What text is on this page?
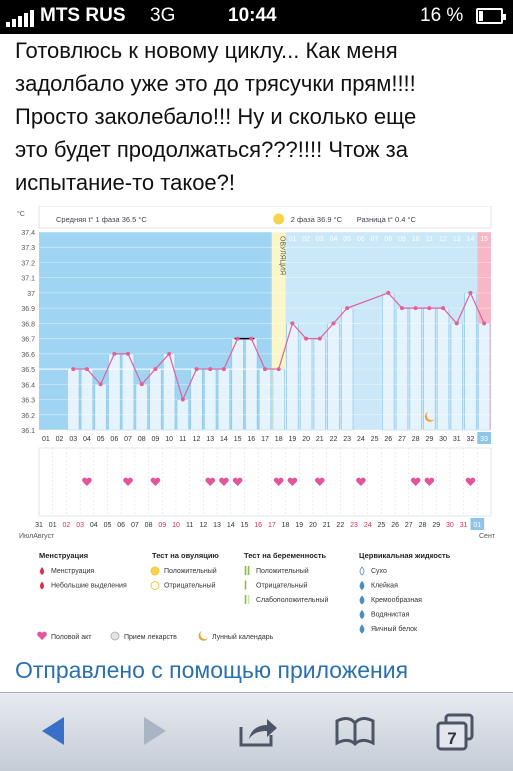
MTS RUS 3G	10:44	16 %
Готовлюсь к новому циклу... Как меня
задолбало уже это до трясучки прям!!!!
Просто заколебало!!! Ну и сколько еще
это будет продолжаться???!!!! Чтож за
испытание-то такое?!
37.4
37.3
37.2
37.1
37
36.9
36.8
36.7
36.6
36.5
36.4
36.3
36.2
36.1
°C
Средняя t° 1 фаза 36.5 °C	2 фаза 36.9 °C Разница t° 0.4 °C
01 02 03 04 05 06 07 08 09 10 11 12 13 14 15
ОВУЛЯЦИЯ
01 02 03 04 05 06 07 08 09 10 11 12 13 14 15 16 17 18 19 20 21 22 23 24 25 26 27 28 29 30 31 32 33
31 01 02 03 04 05 06 07 08 09 10 11 12 13 14 15 16 17 18 19 20 21 22 23 24 25 26 27 28 29 30 31 01
ИюлАвгуст	Сент
Менструация
Менструация
Небольшие выделения
Тест на овуляцию
Положительный
Отрицательный
Тест на беременность
Положительный
Отрицательный
Слабоположительный
Цервикальная жидкость
Сухо
Клейкая
Кремообразная
Водянистая
Яичный белок
Половой акт	Прием лекарств	Лунный календарь
Отправлено с помощью приложения
7
